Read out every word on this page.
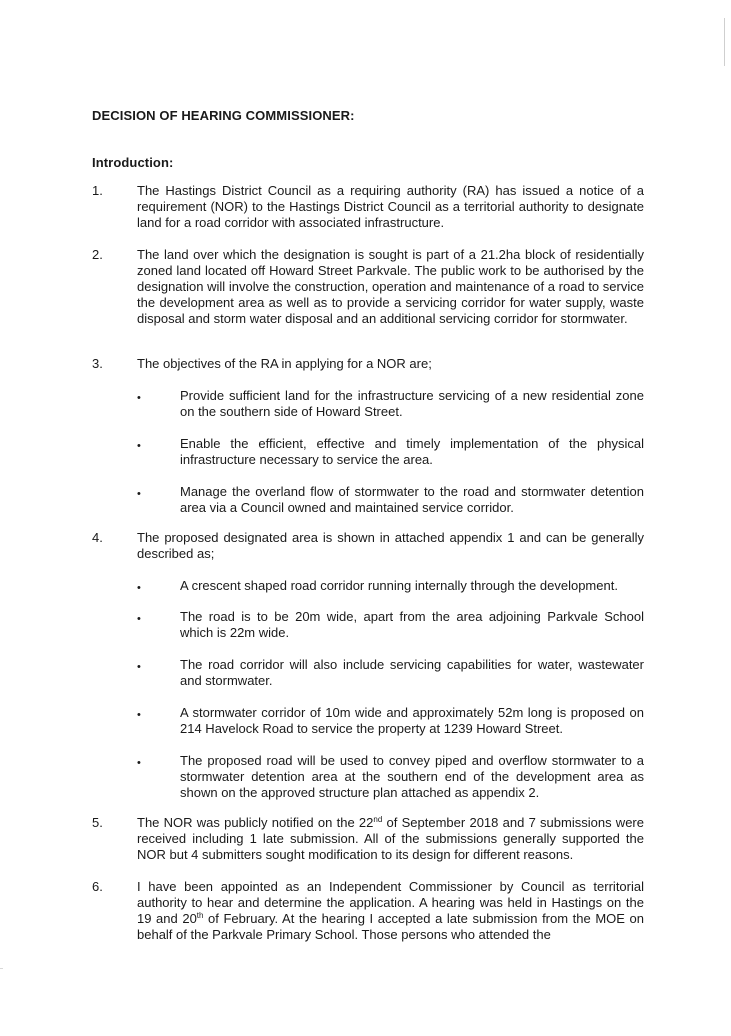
DECISION OF HEARING COMMISSIONER:
Introduction:
1.	The Hastings District Council as a requiring authority (RA) has issued a notice of a requirement (NOR) to the Hastings District Council as a territorial authority to designate land for a road corridor with associated infrastructure.
2.	The land over which the designation is sought is part of a 21.2ha block of residentially zoned land located off Howard Street Parkvale. The public work to be authorised by the designation will involve the construction, operation and maintenance of a road to service the development area as well as to provide a servicing corridor for water supply, waste disposal and storm water disposal and an additional servicing corridor for stormwater.
3.	The objectives of the RA in applying for a NOR are;
•	Provide sufficient land for the infrastructure servicing of a new residential zone on the southern side of Howard Street.
•	Enable the efficient, effective and timely implementation of the physical infrastructure necessary to service the area.
•	Manage the overland flow of stormwater to the road and stormwater detention area via a Council owned and maintained service corridor.
4.	The proposed designated area is shown in attached appendix 1 and can be generally described as;
•	A crescent shaped road corridor running internally through the development.
•	The road is to be 20m wide, apart from the area adjoining Parkvale School which is 22m wide.
•	The road corridor will also include servicing capabilities for water, wastewater and stormwater.
•	A stormwater corridor of 10m wide and approximately 52m long is proposed on 214 Havelock Road to service the property at 1239 Howard Street.
•	The proposed road will be used to convey piped and overflow stormwater to a stormwater detention area at the southern end of the development area as shown on the approved structure plan attached as appendix 2.
5.	The NOR was publicly notified on the 22nd of September 2018 and 7 submissions were received including 1 late submission. All of the submissions generally supported the NOR but 4 submitters sought modification to its design for different reasons.
6.	I have been appointed as an Independent Commissioner by Council as territorial authority to hear and determine the application. A hearing was held in Hastings on the 19 and 20th of February. At the hearing I accepted a late submission from the MOE on behalf of the Parkvale Primary School. Those persons who attended the
